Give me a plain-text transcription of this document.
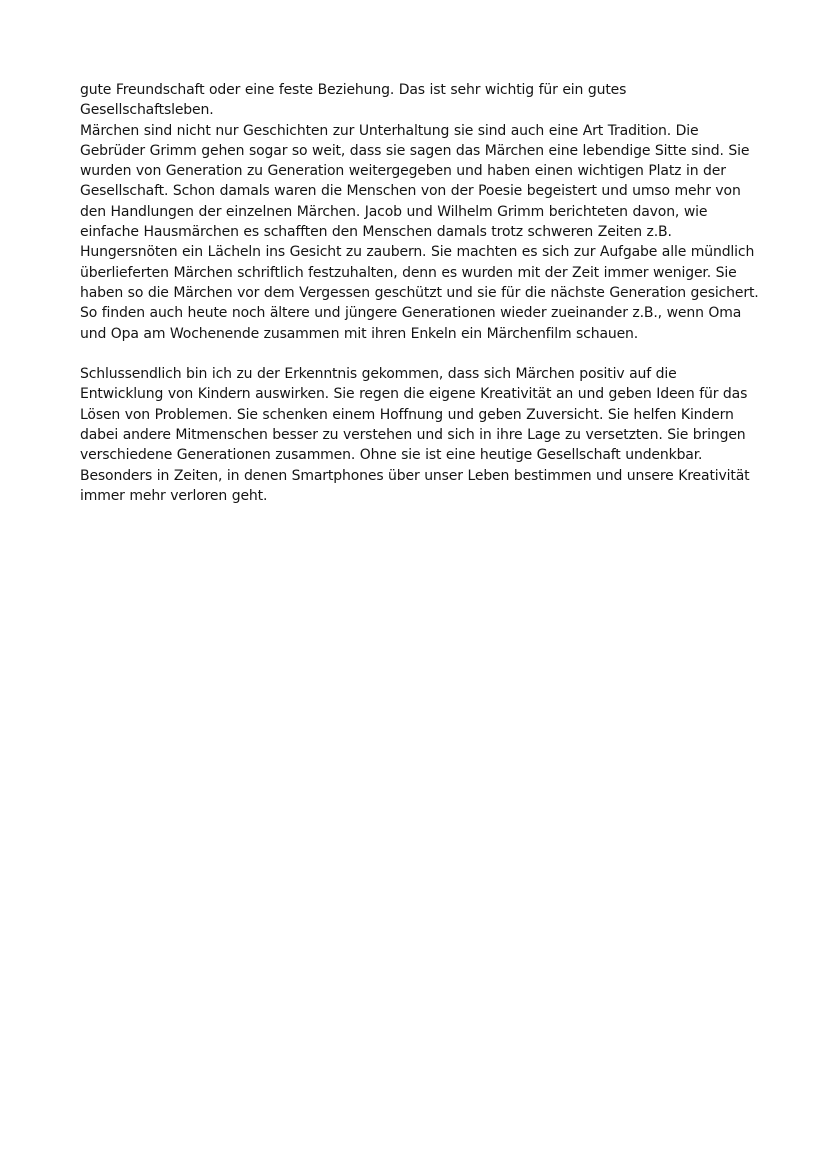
gute Freundschaft oder eine feste Beziehung. Das ist sehr wichtig für ein gutes Gesellschaftsleben.

Märchen sind nicht nur Geschichten zur Unterhaltung sie sind auch eine Art Tradition. Die Gebrüder Grimm gehen sogar so weit, dass sie sagen das Märchen eine lebendige Sitte sind. Sie wurden von Generation zu Generation weitergegeben und haben einen wichtigen Platz in der Gesellschaft. Schon damals waren die Menschen von der Poesie begeistert und umso mehr von den Handlungen der einzelnen Märchen. Jacob und Wilhelm Grimm berichteten davon, wie einfache Hausmärchen es schafften den Menschen damals trotz schweren Zeiten z.B. Hungersnöten ein Lächeln ins Gesicht zu zaubern. Sie machten es sich zur Aufgabe alle mündlich überlieferten Märchen schriftlich festzuhalten, denn es wurden mit der Zeit immer weniger. Sie haben so die Märchen vor dem Vergessen geschützt und sie für die nächste Generation gesichert.

So finden auch heute noch ältere und jüngere Generationen wieder zueinander z.B., wenn Oma und Opa am Wochenende zusammen mit ihren Enkeln ein Märchenfilm schauen.

Schlussendlich bin ich zu der Erkenntnis gekommen, dass sich Märchen positiv auf die Entwicklung von Kindern auswirken. Sie regen die eigene Kreativität an und geben Ideen für das Lösen von Problemen. Sie schenken einem Hoffnung und geben Zuversicht. Sie helfen Kindern dabei andere Mitmenschen besser zu verstehen und sich in ihre Lage zu versetzten. Sie bringen verschiedene Generationen zusammen. Ohne sie ist eine heutige Gesellschaft undenkbar.

Besonders in Zeiten, in denen Smartphones über unser Leben bestimmen und unsere Kreativität immer mehr verloren geht.
